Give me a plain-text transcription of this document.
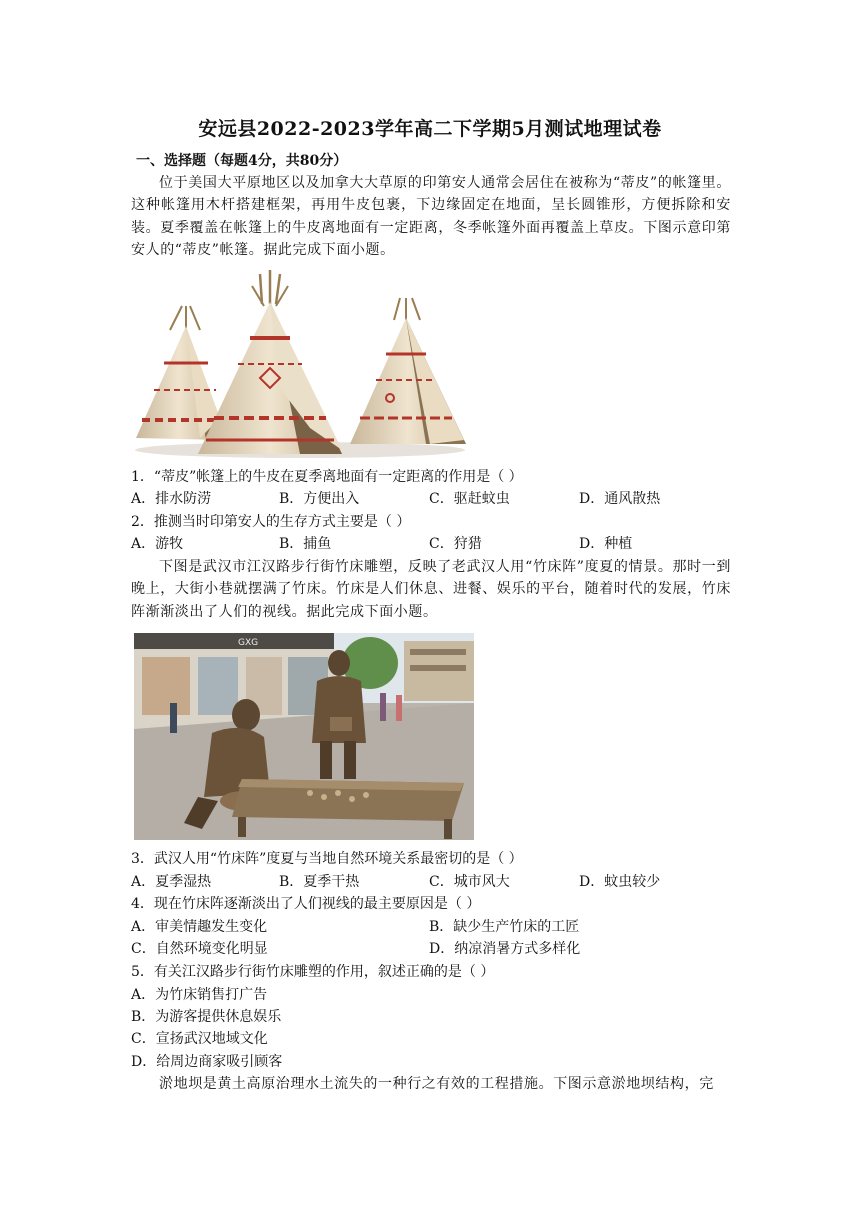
安远县2022-2023学年高二下学期5月测试地理试卷
一、选择题（每题4分，共80分）
位于美国大平原地区以及加拿大大草原的印第安人通常会居住在被称为“蒂皮”的帐篷里。这种帐篷用木杆搭建框架，再用牛皮包裹，下边缘固定在地面，呈长圆锥形，方便拆除和安装。夏季覆盖在帐篷上的牛皮离地面有一定距离，冬季帐篷外面再覆盖上草皮。下图示意印第安人的“蒂皮”帐篷。据此完成下面小题。
1．“蒂皮”帐篷上的牛皮在夏季离地面有一定距离的作用是（ ）
A．排水防涝	B．方便出入	C．驱赶蚊虫	D．通风散热
2．推测当时印第安人的生存方式主要是（ ）
A．游牧	B．捕鱼	C．狩猎	D．种植
下图是武汉市江汉路步行街竹床雕塑，反映了老武汉人用“竹床阵”度夏的情景。那时一到晚上，大街小巷就摆满了竹床。竹床是人们休息、进餐、娱乐的平台，随着时代的发展，竹床阵渐渐淡出了人们的视线。据此完成下面小题。
GXG
3．武汉人用“竹床阵”度夏与当地自然环境关系最密切的是（ ）
A．夏季湿热	B．夏季干热	C．城市风大	D．蚊虫较少
4．现在竹床阵逐渐淡出了人们视线的最主要原因是（ ）
A．审美情趣发生变化	B．缺少生产竹床的工匠
C．自然环境变化明显	D．纳凉消暑方式多样化
5．有关江汉路步行街竹床雕塑的作用，叙述正确的是（ ）
A．为竹床销售打广告
B．为游客提供休息娱乐
C．宣扬武汉地域文化
D．给周边商家吸引顾客
淤地坝是黄土高原治理水土流失的一种行之有效的工程措施。下图示意淤地坝结构，完
